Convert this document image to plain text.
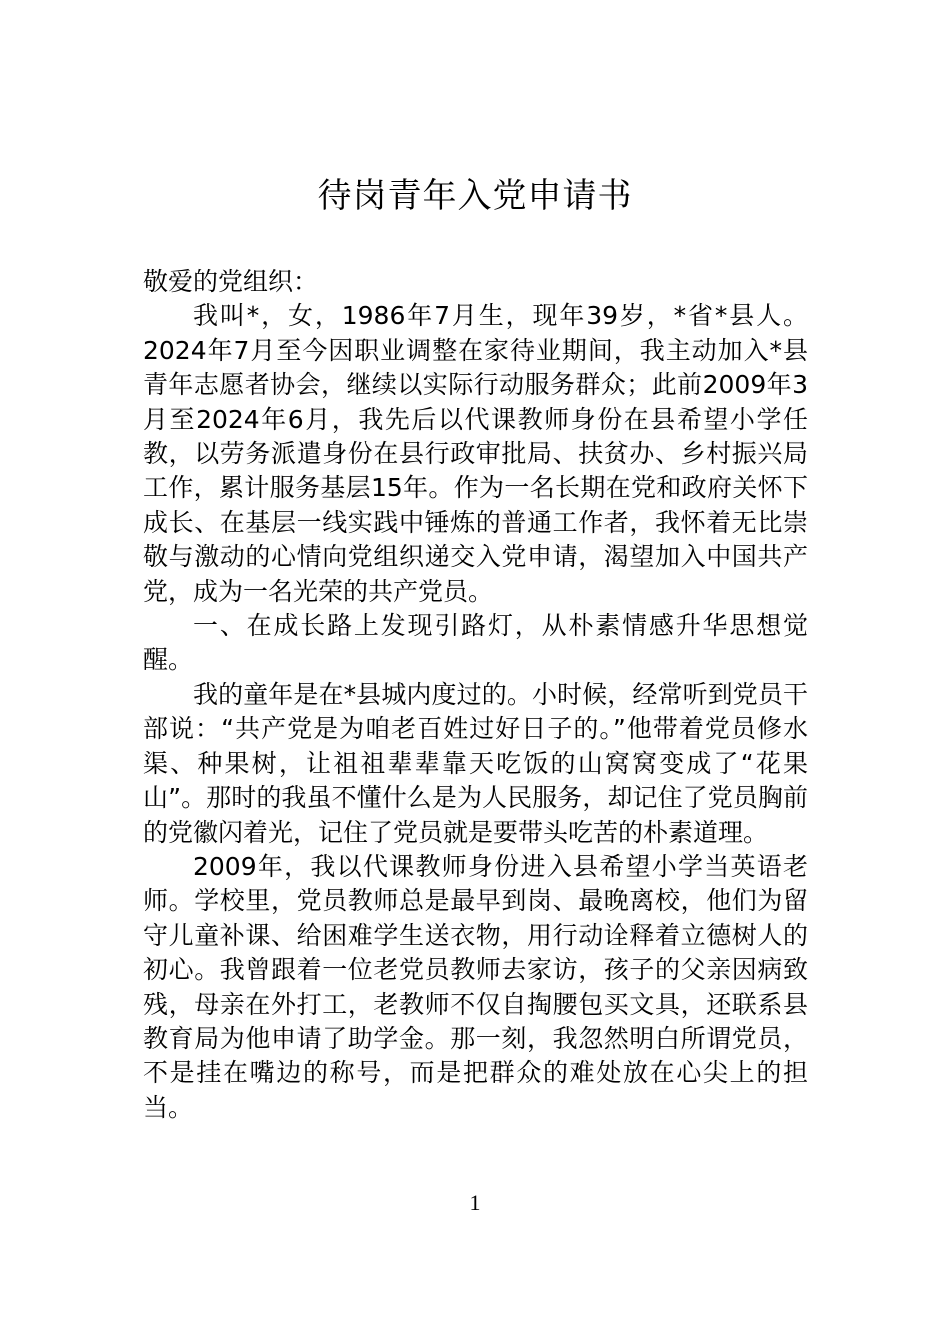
待岗青年入党申请书

敬爱的党组织：

我叫*，女，1986年7月生，现年39岁，*省*县人。2024年7月至今因职业调整在家待业期间，我主动加入*县青年志愿者协会，继续以实际行动服务群众；此前2009年3月至2024年6月，我先后以代课教师身份在县希望小学任教，以劳务派遣身份在县行政审批局、扶贫办、乡村振兴局工作，累计服务基层15年。作为一名长期在党和政府关怀下成长、在基层一线实践中锤炼的普通工作者，我怀着无比崇敬与激动的心情向党组织递交入党申请，渴望加入中国共产党，成为一名光荣的共产党员。

一、在成长路上发现引路灯，从朴素情感升华思想觉醒。

我的童年是在*县城内度过的。小时候，经常听到党员干部说：“共产党是为咱老百姓过好日子的。”他带着党员修水渠、种果树，让祖祖辈辈靠天吃饭的山窝窝变成了“花果山”。那时的我虽不懂什么是为人民服务，却记住了党员胸前的党徽闪着光，记住了党员就是要带头吃苦的朴素道理。

2009年，我以代课教师身份进入县希望小学当英语老师。学校里，党员教师总是最早到岗、最晚离校，他们为留守儿童补课、给困难学生送衣物，用行动诠释着立德树人的初心。我曾跟着一位老党员教师去家访，孩子的父亲因病致残，母亲在外打工，老教师不仅自掏腰包买文具，还联系县教育局为他申请了助学金。那一刻，我忽然明白所谓党员，不是挂在嘴边的称号，而是把群众的难处放在心尖上的担当。

1
